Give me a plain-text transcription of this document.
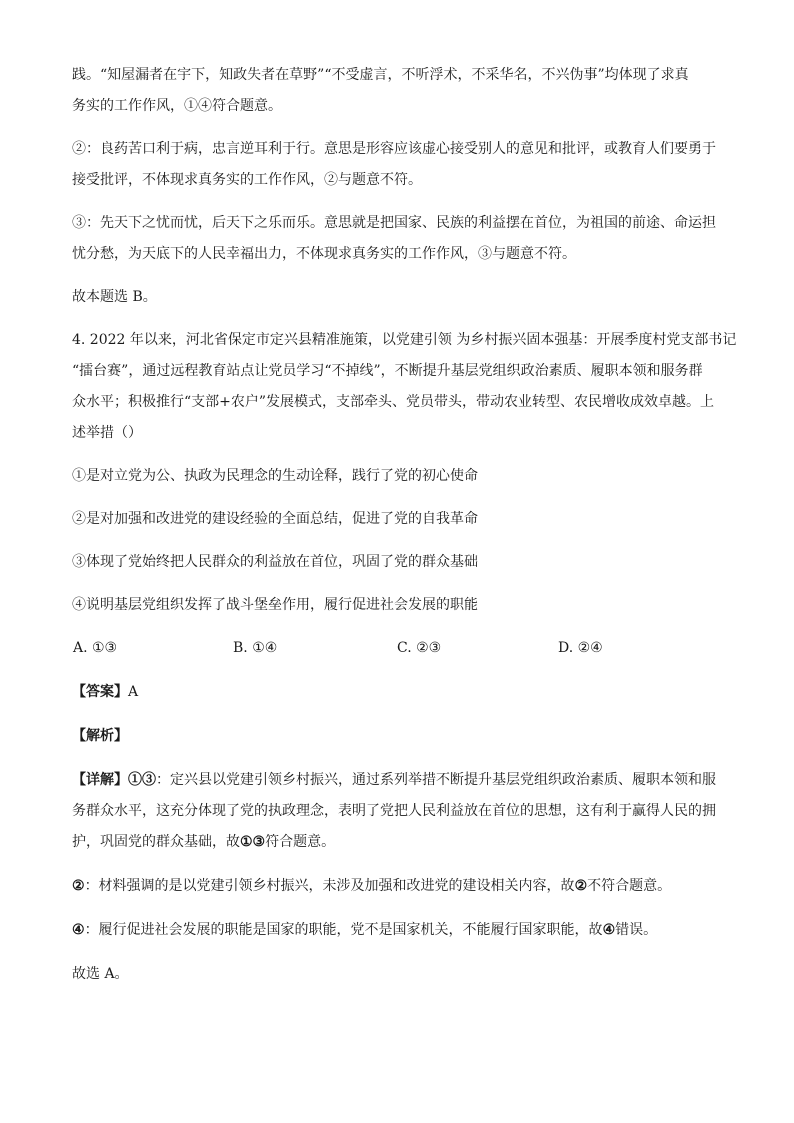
践。“知屋漏者在宇下，知政失者在草野”“不受虚言，不听浮术，不采华名，不兴伪事”均体现了求真

务实的工作作风，①④符合题意。

②：良药苦口利于病，忠言逆耳利于行。意思是形容应该虚心接受别人的意见和批评，或教育人们要勇于

接受批评，不体现求真务实的工作作风，②与题意不符。

③：先天下之忧而忧，后天下之乐而乐。意思就是把国家、民族的利益摆在首位，为祖国的前途、命运担

忧分愁，为天底下的人民幸福出力，不体现求真务实的工作作风，③与题意不符。

故本题选 B。

4. 2022 年以来，河北省保定市定兴县精准施策，以党建引领 为乡村振兴固本强基：开展季度村党支部书记

“擂台赛”，通过远程教育站点让党员学习“不掉线”，不断提升基层党组织政治素质、履职本领和服务群

众水平；积极推行“支部+农户”发展模式，支部牵头、党员带头，带动农业转型、农民增收成效卓越。上

述举措（）

①是对立党为公、执政为民理念的生动诠释，践行了党的初心使命

②是对加强和改进党的建设经验的全面总结，促进了党的自我革命

③体现了党始终把人民群众的利益放在首位，巩固了党的群众基础

④说明基层党组织发挥了战斗堡垒作用，履行促进社会发展的职能

A. ①③	B. ①④	C. ②③	D. ②④

【答案】A

【解析】

【详解】①③：定兴县以党建引领乡村振兴，通过系列举措不断提升基层党组织政治素质、履职本领和服

务群众水平，这充分体现了党的执政理念，表明了党把人民利益放在首位的思想，这有利于赢得人民的拥

护，巩固党的群众基础，故①③符合题意。

②：材料强调的是以党建引领乡村振兴，未涉及加强和改进党的建设相关内容，故②不符合题意。

④：履行促进社会发展的职能是国家的职能，党不是国家机关，不能履行国家职能，故④错误。

故选 A。
